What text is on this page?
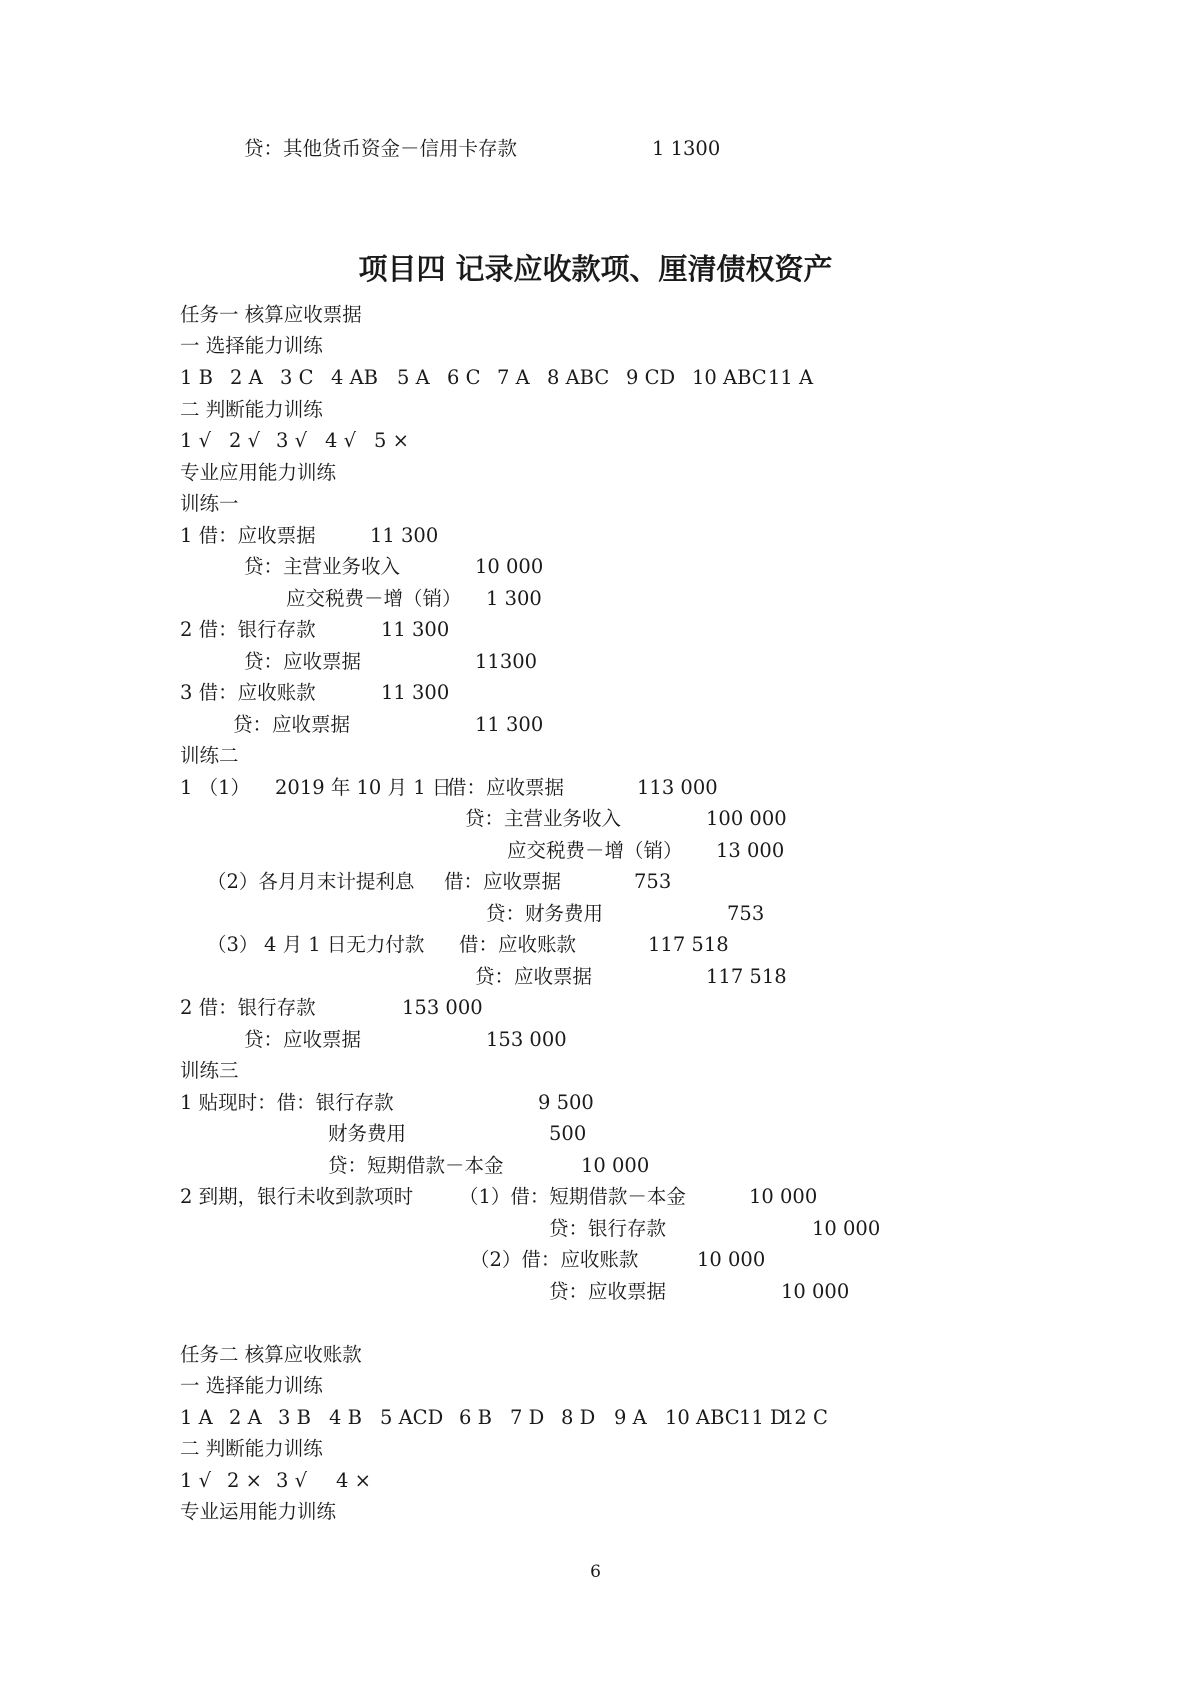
贷：其他货币资金－信用卡存款	1 1300
项目四 记录应收款项、厘清债权资产
任务一 核算应收票据
一 选择能力训练
1 B 2 A 3 C 4 AB 5 A 6 C 7 A 8 ABC 9 CD 10 ABC 11 A
二 判断能力训练
1 √ 2 √ 3 √ 4 √ 5 ×
专业应用能力训练
训练一
1 借：应收票据	11 300
贷：主营业务收入	10 000
应交税费－增（销） 1 300
2 借：银行存款	11 300
贷：应收票据	11300
3 借：应收账款	11 300
贷：应收票据	11 300
训练二
1 （1） 2019 年 10 月 1 日
借：应收票据	113 000
贷：主营业务收入	100 000
应交税费－增（销） 13 000
（2）各月月末计提利息 借：应收票据	753
贷：财务费用	753
（3） 4 月 1 日无力付款 借：应收账款	117 518
贷：应收票据	117 518
2 借：银行存款	153 000
贷：应收票据	153 000
训练三
1 贴现时：借：银行存款	9 500
财务费用	500
贷：短期借款－本金	10 000
2 到期，银行未收到款项时 （1）借：短期借款－本金	10 000
贷：银行存款	10 000
（2）借：应收账款	10 000
贷：应收票据	10 000
任务二 核算应收账款
一 选择能力训练
1 A 2 A 3 B 4 B 5 ACD 6 B 7 D 8 D 9 A 10 ABC 11 D
12 C
二 判断能力训练
1 √ 2 × 3 √ 4 ×
专业运用能力训练
6
